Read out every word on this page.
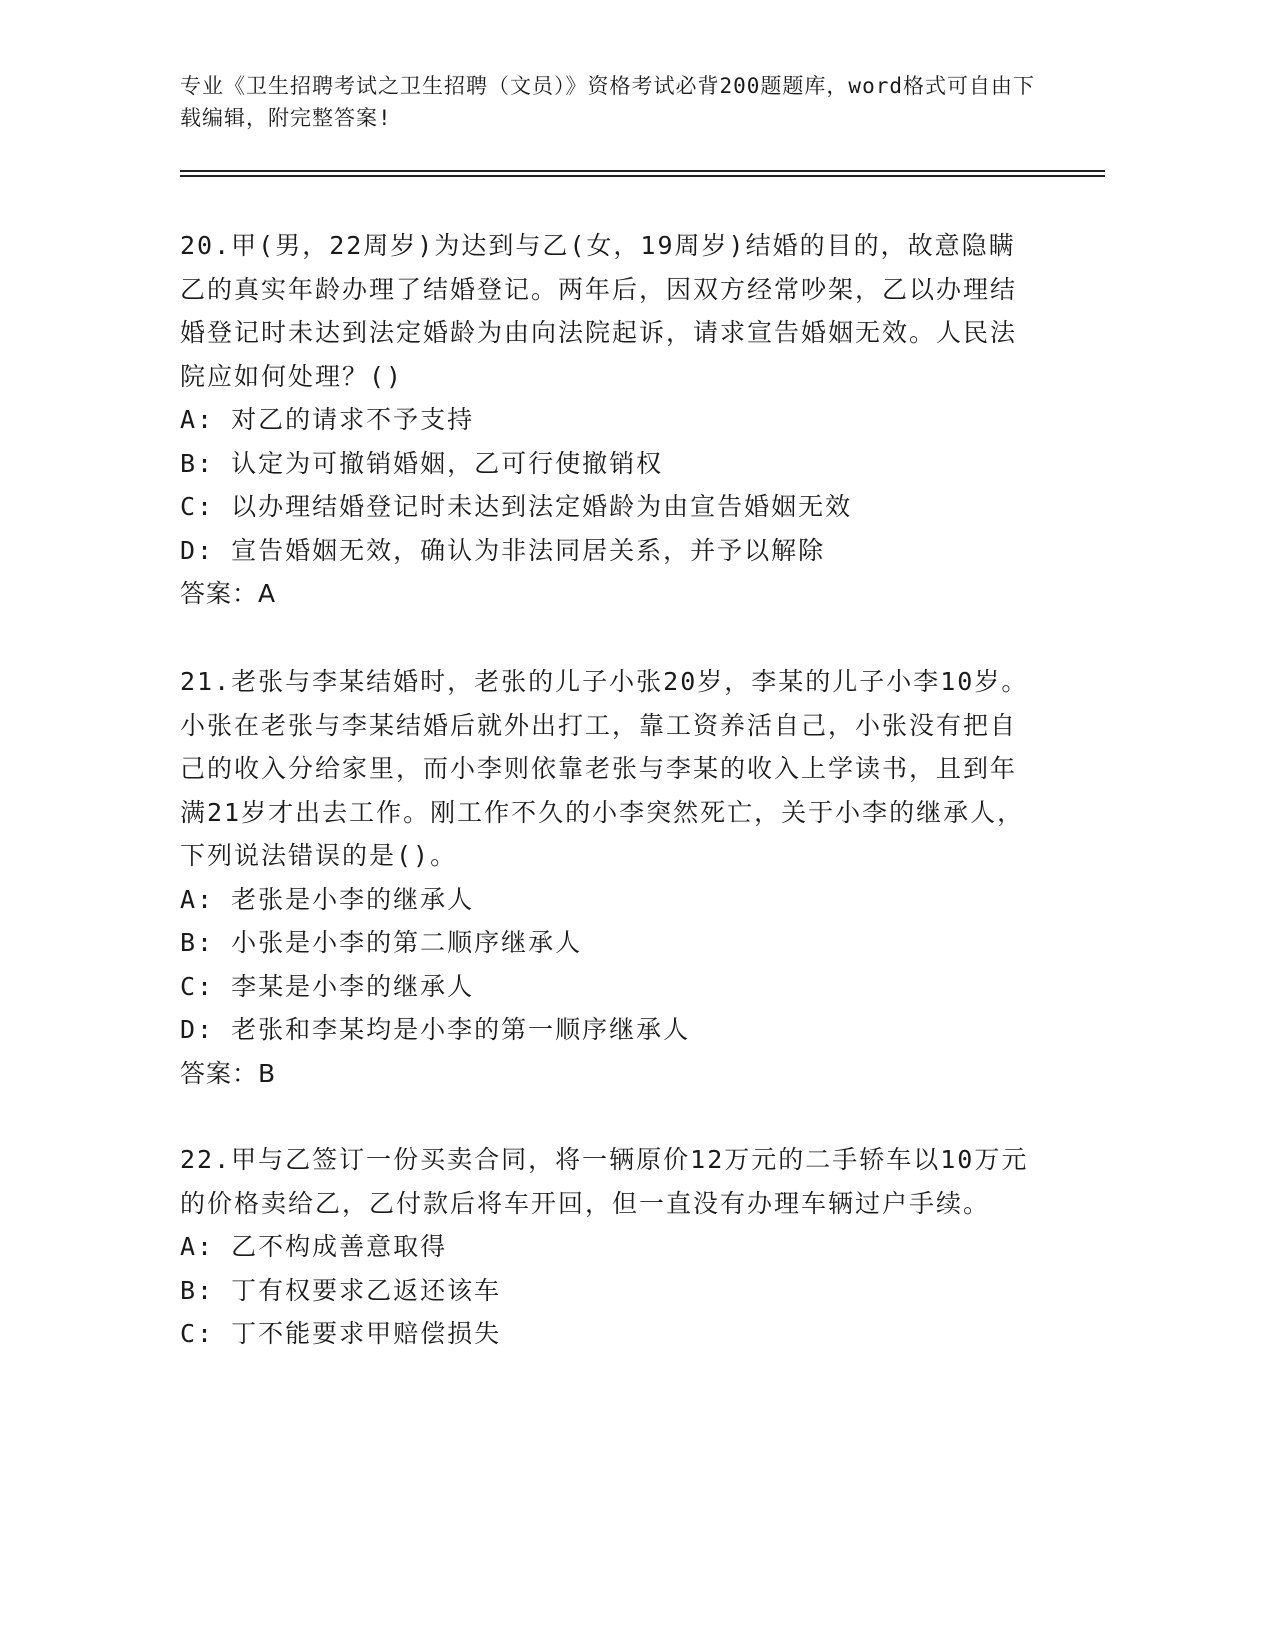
专业《卫生招聘考试之卫生招聘（文员）》资格考试必背200题题库，word格式可自由下载编辑，附完整答案!
20.甲(男，22周岁)为达到与乙(女，19周岁)结婚的目的，故意隐瞒乙的真实年龄办理了结婚登记。两年后，因双方经常吵架，乙以办理结婚登记时未达到法定婚龄为由向法院起诉，请求宣告婚姻无效。人民法院应如何处理？()
A: 对乙的请求不予支持
B: 认定为可撤销婚姻，乙可行使撤销权
C: 以办理结婚登记时未达到法定婚龄为由宣告婚姻无效
D: 宣告婚姻无效，确认为非法同居关系，并予以解除
答案：A
21.老张与李某结婚时，老张的儿子小张20岁，李某的儿子小李10岁。小张在老张与李某结婚后就外出打工，靠工资养活自己，小张没有把自己的收入分给家里，而小李则依靠老张与李某的收入上学读书，且到年满21岁才出去工作。刚工作不久的小李突然死亡，关于小李的继承人，下列说法错误的是()。
A: 老张是小李的继承人
B: 小张是小李的第二顺序继承人
C: 李某是小李的继承人
D: 老张和李某均是小李的第一顺序继承人
答案：B
22.甲与乙签订一份买卖合同，将一辆原价12万元的二手轿车以10万元的价格卖给乙，乙付款后将车开回，但一直没有办理车辆过户手续。
A: 乙不构成善意取得
B: 丁有权要求乙返还该车
C: 丁不能要求甲赔偿损失
